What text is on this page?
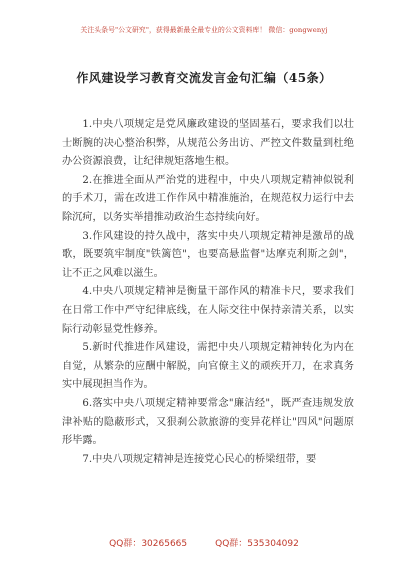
关注头条号"公文研究"，获得最新最全最专业的公文资料库！ 微信：gongwenyj
作风建设学习教育交流发言金句汇编（45条）

1.中央八项规定是党风廉政建设的坚固基石，要求我们以壮士断腕的决心整治积弊，从规范公务出访、严控文件数量到杜绝办公资源浪费，让纪律规矩落地生根。

2.在推进全面从严治党的进程中，中央八项规定精神似锐利的手术刀，需在改进工作作风中精准施治，在规范权力运行中去除沉疴，以务实举措推动政治生态持续向好。

3.作风建设的持久战中，落实中央八项规定精神是激昂的战歌，既要筑牢制度"铁篱笆"，也要高悬监督"达摩克利斯之剑"，让不正之风难以滋生。

4.中央八项规定精神是衡量干部作风的精准卡尺，要求我们在日常工作中严守纪律底线，在人际交往中保持亲清关系，以实际行动彰显党性修养。

5.新时代推进作风建设，需把中央八项规定精神转化为内在自觉，从繁杂的应酬中解脱，向官僚主义的顽疾开刀，在求真务实中展现担当作为。

6.落实中央八项规定精神要常念"廉洁经"，既严查违规发放津补贴的隐蔽形式，又狠刹公款旅游的变异花样让"四风"问题原形毕露。

7.中央八项规定精神是连接党心民心的桥梁纽带，要

QQ群：30265665	QQ群：535304092
